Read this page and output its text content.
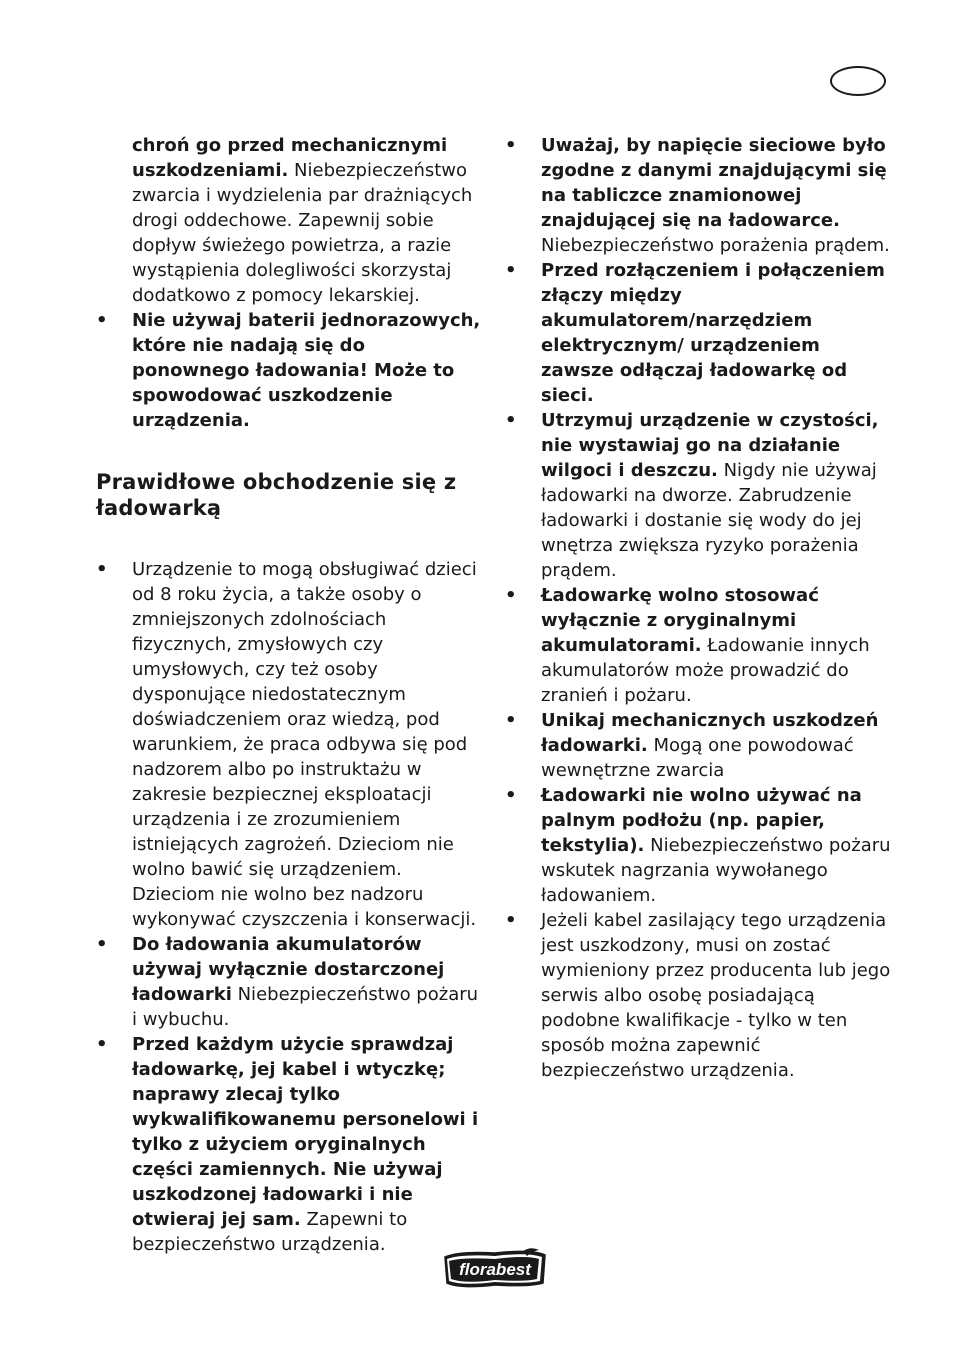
chroń go przed mechanicznymi uszkodzeniami. Niebezpieczeństwo zwarcia i wydzielenia par drażniących drogi oddechowe. Zapewnij sobie dopływ świeżego powietrza, a razie wystąpienia dolegliwości skorzystaj dodatkowo z pomocy lekarskiej.

•
Nie używaj baterii jednorazowych, które nie nadają się do ponownego ładowania! Może to spowodować uszkodzenie urządzenia.

Prawidłowe obchodzenie się z ładowarką

•
Urządzenie to mogą obsługiwać dzieci od 8 roku życia, a także osoby o zmniejszonych zdolnościach fizycznych, zmysłowych czy umysłowych, czy też osoby dysponujące niedostatecznym doświadczeniem oraz wiedzą, pod warunkiem, że praca odbywa się pod nadzorem albo po instruktażu w zakresie bezpiecznej eksploatacji urządzenia i ze zrozumieniem istniejących zagrożeń. Dzieciom nie wolno bawić się urządzeniem. Dzieciom nie wolno bez nadzoru wykonywać czyszczenia i konserwacji.

•
Do ładowania akumulatorów używaj wyłącznie dostarczonej ładowarki Niebezpieczeństwo pożaru i wybuchu.

•
Przed każdym użycie sprawdzaj ładowarkę, jej kabel i wtyczkę; naprawy zlecaj tylko wykwalifikowanemu personelowi i tylko z użyciem oryginalnych części zamiennych. Nie używaj uszkodzonej ładowarki i nie otwieraj jej sam. Zapewni to bezpieczeństwo urządzenia.

•
Uważaj, by napięcie sieciowe było zgodne z danymi znajdującymi się na tabliczce znamionowej znajdującej się na ładowarce. Niebezpieczeństwo porażenia prądem.

•
Przed rozłączeniem i połączeniem złączy między akumulatorem/narzędziem elektrycznym/ urządzeniem zawsze odłączaj ładowarkę od sieci.

•
Utrzymuj urządzenie w czystości, nie wystawiaj go na działanie wilgoci i deszczu. Nigdy nie używaj ładowarki na dworze. Zabrudzenie ładowarki i dostanie się wody do jej wnętrza zwiększa ryzyko porażenia prądem.

•
Ładowarkę wolno stosować wyłącznie z oryginalnymi akumulatorami. Ładowanie innych akumulatorów może prowadzić do zranień i pożaru.

•
Unikaj mechanicznych uszkodzeń ładowarki. Mogą one powodować wewnętrzne zwarcia

•
Ładowarki nie wolno używać na palnym podłożu (np. papier, tekstylia). Niebezpieczeństwo pożaru wskutek nagrzania wywołanego ładowaniem.

•
Jeżeli kabel zasilający tego urządzenia jest uszkodzony, musi on zostać wymieniony przez producenta lub jego serwis albo osobę posiadającą podobne kwalifikacje - tylko w ten sposób można zapewnić bezpieczeństwo urządzenia.

florabest
